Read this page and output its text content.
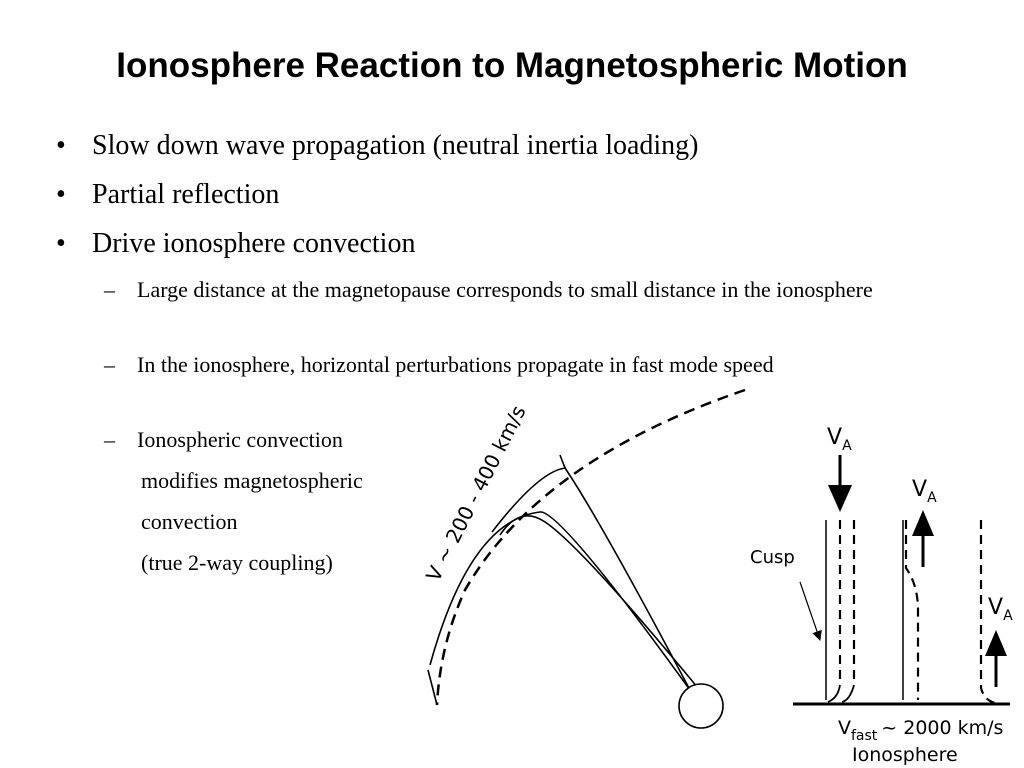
Ionosphere Reaction to Magnetospheric Motion
• Slow down wave propagation (neutral inertia loading)
• Partial reflection
• Drive ionosphere convection
– Large distance at the magnetopause corresponds to small distance in the ionosphere
– In the ionosphere, horizontal perturbations propagate in fast mode speed
– Ionospheric convection
modifies magnetospheric
convection
(true 2-way coupling)	V ~ 200 - 400 km/s	$V_A$
$V_A$
$V_A$
Cusp
$V_{fast}$ ~ 2000 km/s
Ionosphere
